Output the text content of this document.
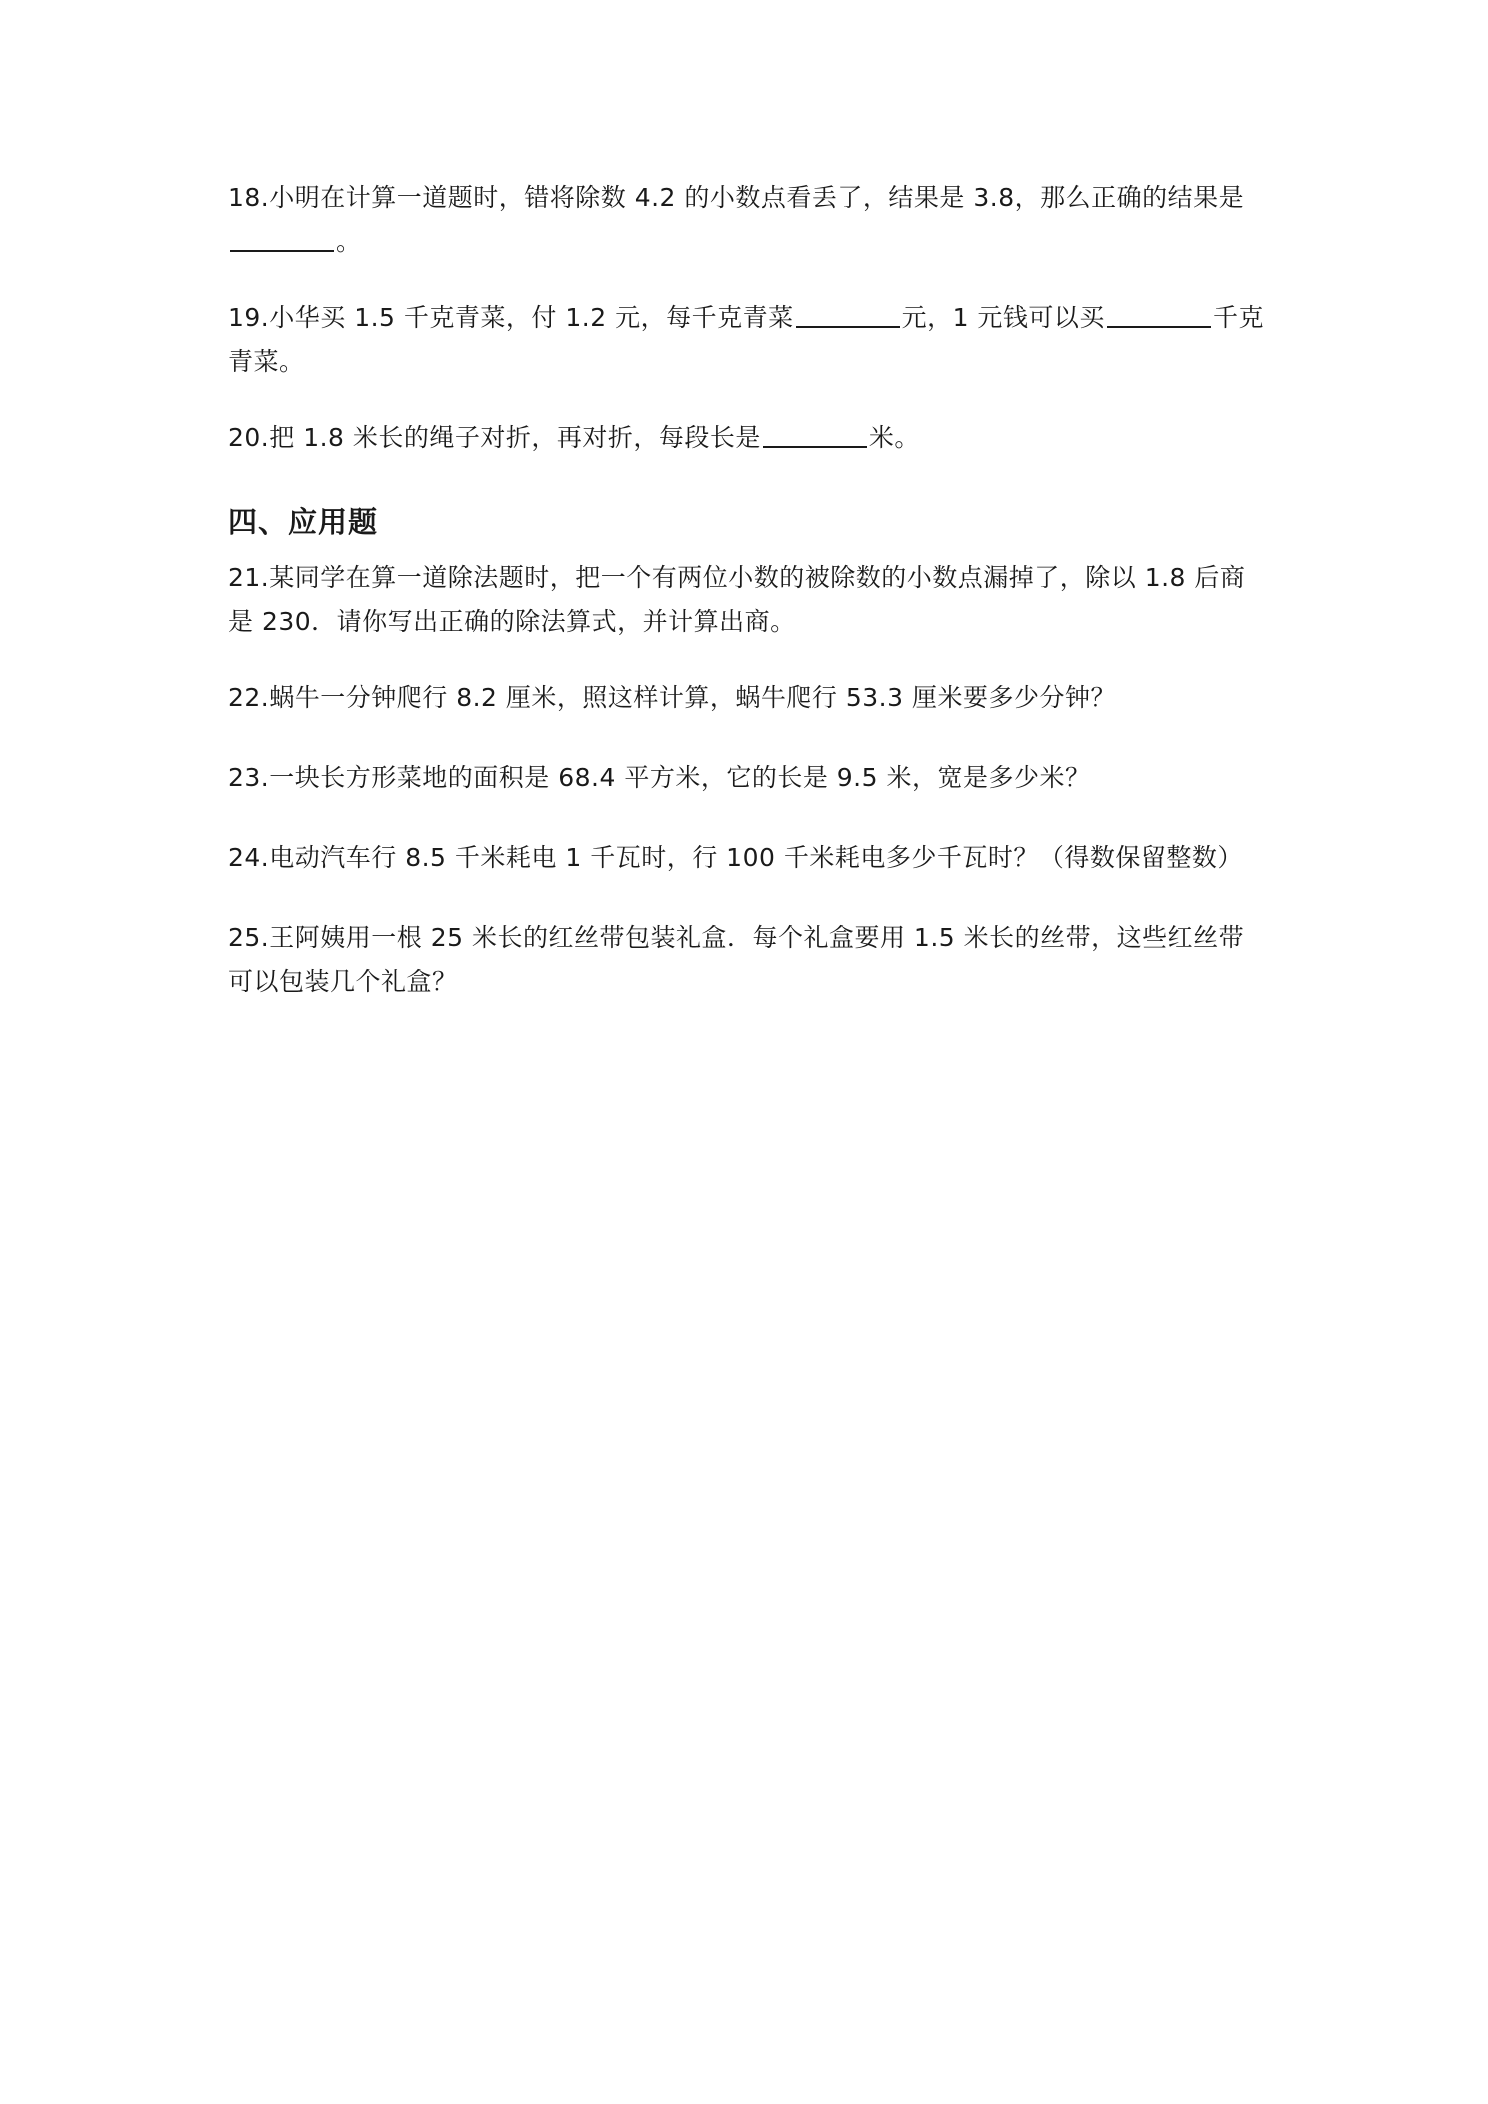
18.小明在计算一道题时，错将除数 4.2 的小数点看丢了，结果是 3.8，那么正确的结果是。
19.小华买 1.5 千克青菜，付 1.2 元，每千克青菜	元，1 元钱可以买	千克青菜。
20.把 1.8 米长的绳子对折，再对折，每段长是	米。
四、应用题
21.某同学在算一道除法题时，把一个有两位小数的被除数的小数点漏掉了，除以 1.8 后商是 230．请你写出正确的除法算式，并计算出商。
22.蜗牛一分钟爬行 8.2 厘米，照这样计算，蜗牛爬行 53.3 厘米要多少分钟？
23.一块长方形菜地的面积是 68.4 平方米，它的长是 9.5 米，宽是多少米？
24.电动汽车行 8.5 千米耗电 1 千瓦时，行 100 千米耗电多少千瓦时？（得数保留整数）
25.王阿姨用一根 25 米长的红丝带包装礼盒．每个礼盒要用 1.5 米长的丝带，这些红丝带可以包装几个礼盒？
